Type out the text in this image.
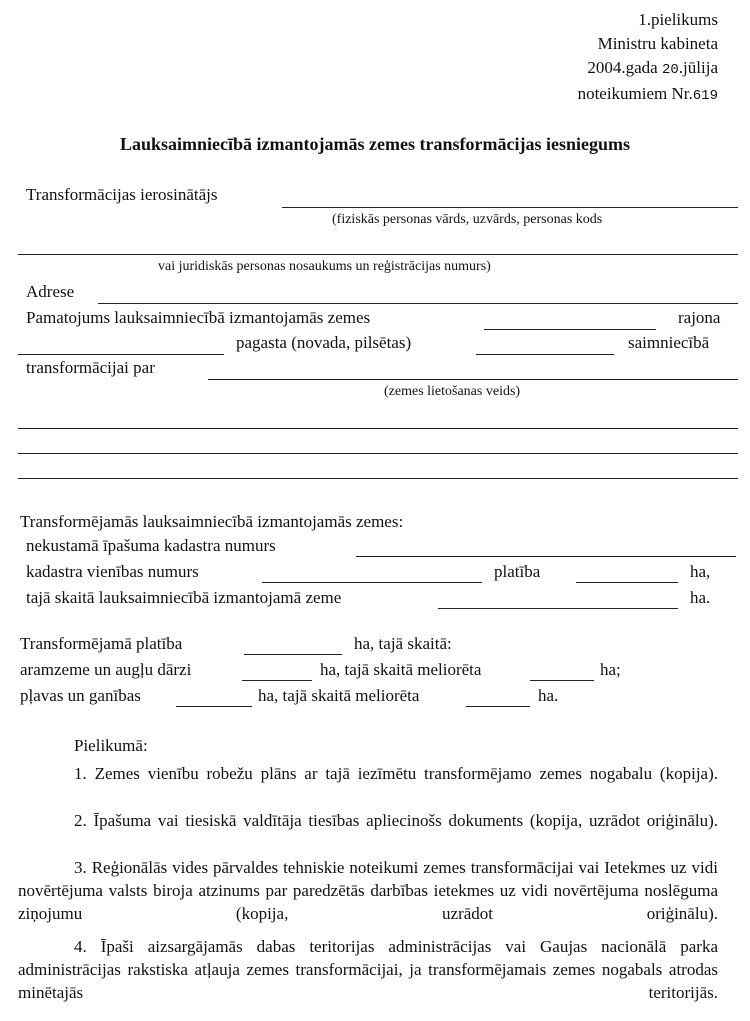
1.pielikums
Ministru kabineta
2004.gada 20.jūlija
noteikumiem Nr.619
Lauksaimniecībā izmantojamās zemes transformācijas iesniegums
Transformācijas ierosinātājs
(fiziskās personas vārds, uzvārds, personas kods
vai juridiskās personas nosaukums un reģistrācijas numurs)
Adrese
Pamatojums lauksaimniecībā izmantojamās zemes	rajona
pagasta (novada, pilsētas)	saimniecībā
transformācijai par
(zemes lietošanas veids)
Transformējamās lauksaimniecībā izmantojamās zemes:
nekustamā īpašuma kadastra numurs
kadastra vienības numurs	platība	ha,
tajā skaitā lauksaimniecībā izmantojamā zeme	ha.
Transformējamā platība	ha, tajā skaitā:
aramzeme un augļu dārzi	ha, tajā skaitā meliorēta	ha;
pļavas un ganības	ha, tajā skaitā meliorēta	ha.
Pielikumā:
1. Zemes vienību robežu plāns ar tajā iezīmētu transformējamo zemes nogabalu (kopija).
2. Īpašuma vai tiesiskā valdītāja tiesības apliecinošs dokuments (kopija, uzrādot oriģinālu).
3. Reģionālās vides pārvaldes tehniskie noteikumi zemes transformācijai vai Ietekmes uz vidi novērtējuma valsts biroja atzinums par paredzētās darbības ietekmes uz vidi novērtējuma noslēguma ziņojumu (kopija, uzrādot oriģinālu).
4. Īpaši aizsargājamās dabas teritorijas administrācijas vai Gaujas nacionālā parka administrācijas rakstiska atļauja zemes transformācijai, ja transformējamais zemes nogabals atrodas minētajās teritorijās.
